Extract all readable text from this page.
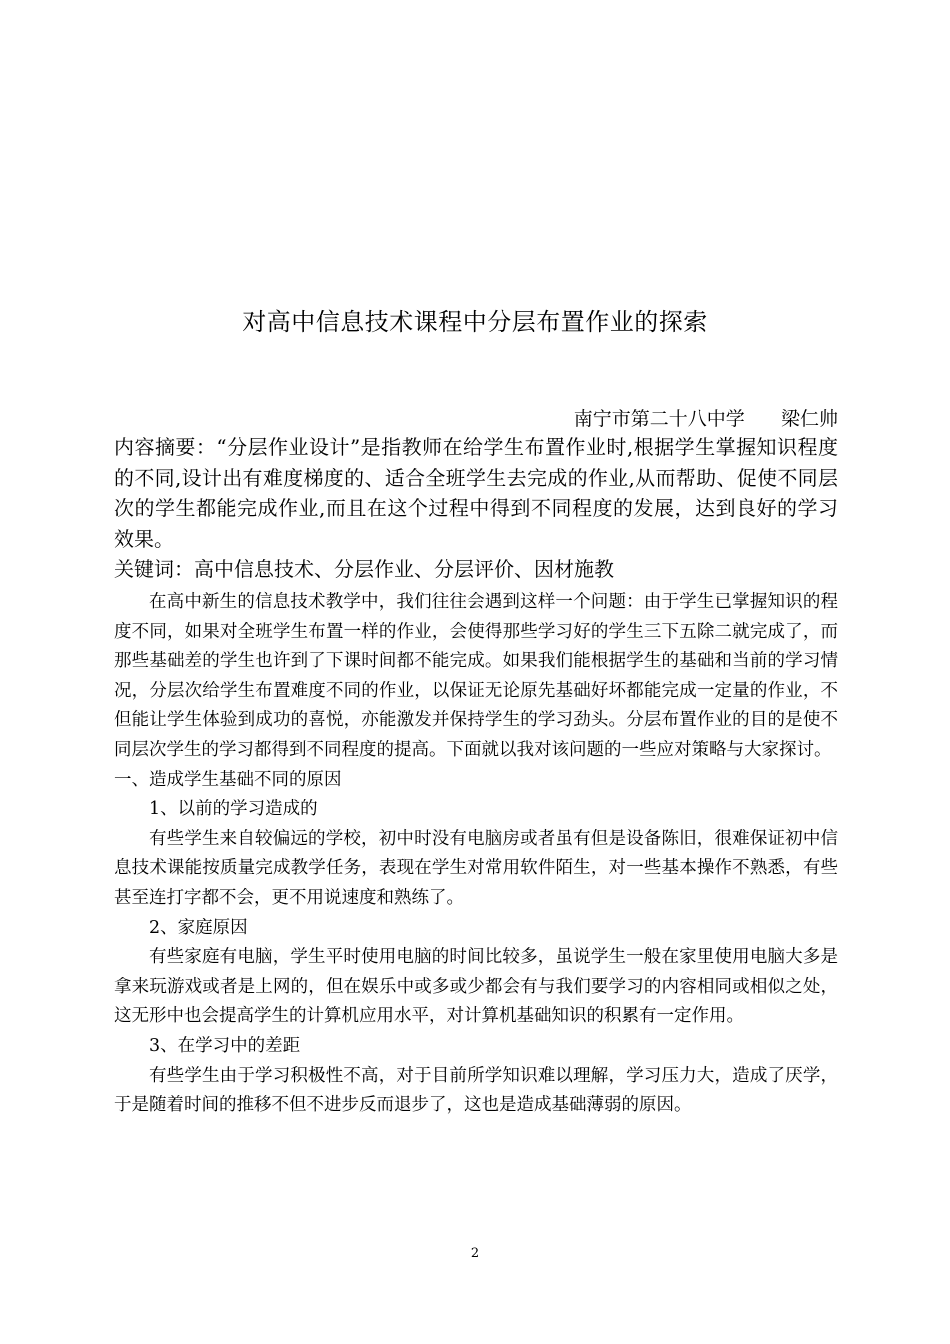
对高中信息技术课程中分层布置作业的探索
南宁市第二十八中学      梁仁帅

内容摘要：“分层作业设计”是指教师在给学生布置作业时,根据学生掌握知识程度的不同,设计出有难度梯度的、适合全班学生去完成的作业,从而帮助、促使不同层次的学生都能完成作业,而且在这个过程中得到不同程度的发展，达到良好的学习效果。

关键词：高中信息技术、分层作业、分层评价、因材施教

在高中新生的信息技术教学中，我们往往会遇到这样一个问题：由于学生已掌握知识的程度不同，如果对全班学生布置一样的作业，会使得那些学习好的学生三下五除二就完成了，而那些基础差的学生也许到了下课时间都不能完成。如果我们能根据学生的基础和当前的学习情况，分层次给学生布置难度不同的作业，以保证无论原先基础好坏都能完成一定量的作业，不但能让学生体验到成功的喜悦，亦能激发并保持学生的学习劲头。分层布置作业的目的是使不同层次学生的学习都得到不同程度的提高。下面就以我对该问题的一些应对策略与大家探讨。

一、造成学生基础不同的原因

1、以前的学习造成的

有些学生来自较偏远的学校，初中时没有电脑房或者虽有但是设备陈旧，很难保证初中信息技术课能按质量完成教学任务，表现在学生对常用软件陌生，对一些基本操作不熟悉，有些甚至连打字都不会，更不用说速度和熟练了。

2、家庭原因

有些家庭有电脑，学生平时使用电脑的时间比较多，虽说学生一般在家里使用电脑大多是拿来玩游戏或者是上网的，但在娱乐中或多或少都会有与我们要学习的内容相同或相似之处，这无形中也会提高学生的计算机应用水平，对计算机基础知识的积累有一定作用。

3、在学习中的差距

有些学生由于学习积极性不高，对于目前所学知识难以理解，学习压力大，造成了厌学，于是随着时间的推移不但不进步反而退步了，这也是造成基础薄弱的原因。

2
